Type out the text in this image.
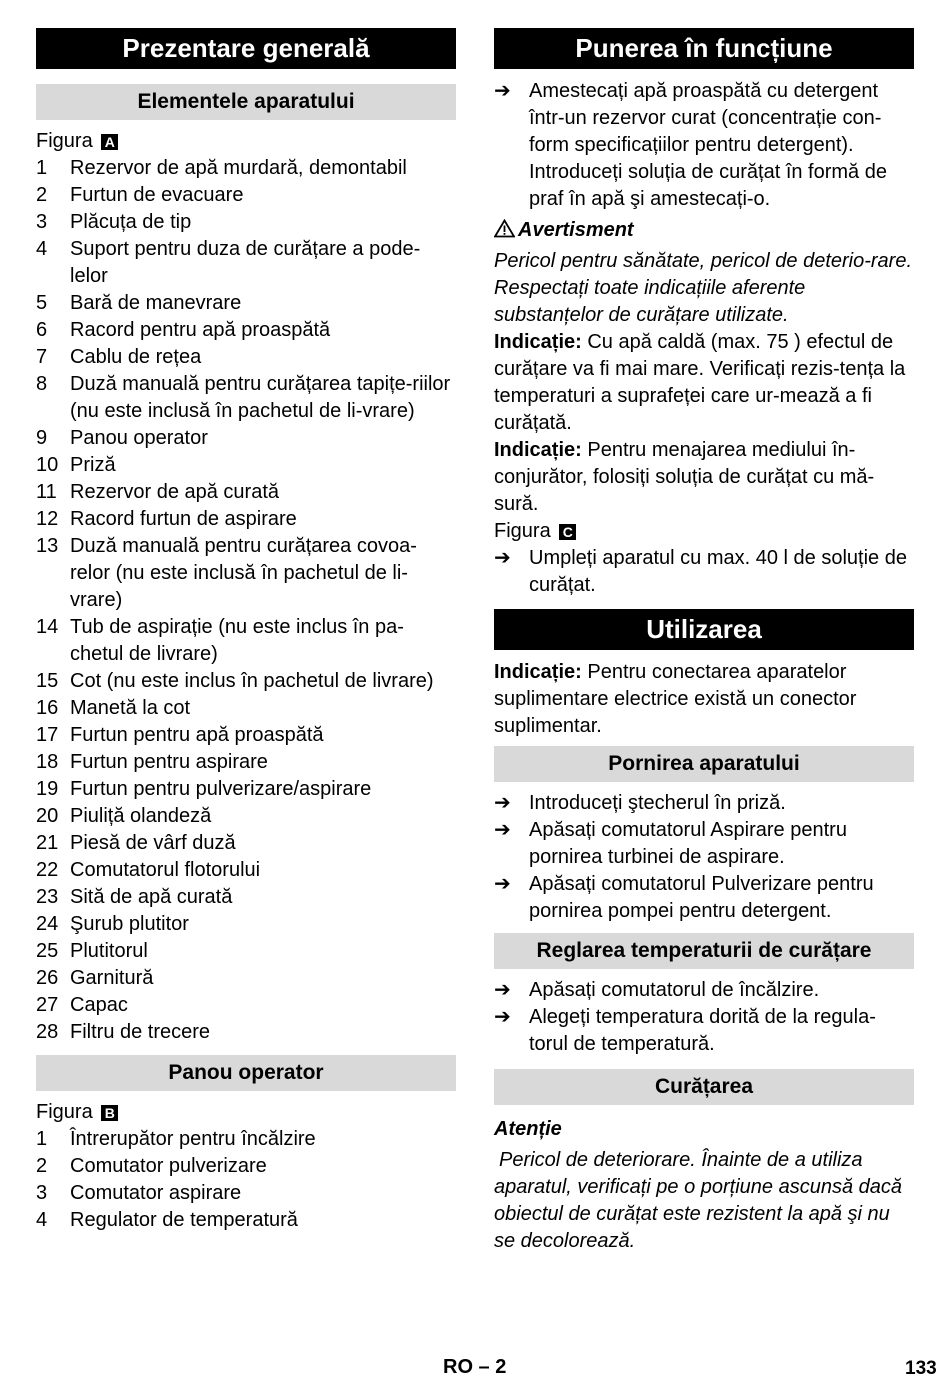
Prezentare generală
Elementele aparatului
Figura A
1	Rezervor de apă murdară, demontabil
2	Furtun de evacuare
3	Plăcuța de tip
4	Suport pentru duza de curățare a pode-lelor
5	Bară de manevrare
6	Racord pentru apă proaspătă
7	Cablu de rețea
8	Duză manuală pentru curățarea tapițe-riilor (nu este inclusă în pachetul de li-vrare)
9	Panou operator
10 Priză
11 Rezervor de apă curată
12 Racord furtun de aspirare
13 Duză manuală pentru curățarea covoa-relor (nu este inclusă în pachetul de li-vrare)
14 Tub de aspirație (nu este inclus în pa-chetul de livrare)
15 Cot (nu este inclus în pachetul de livrare)
16 Manetă la cot
17 Furtun pentru apă proaspătă
18 Furtun pentru aspirare
19 Furtun pentru pulverizare/aspirare
20 Piuliță olandeză
21 Piesă de vârf duză
22 Comutatorul flotorului
23 Sită de apă curată
24 Şurub plutitor
25 Plutitorul
26 Garnitură
27 Capac
28 Filtru de trecere
Panou operator
Figura B
1	Întrerupător pentru încălzire
2	Comutator pulverizare
3	Comutator aspirare
4	Regulator de temperatură
Punerea în funcțiune
➔ Amestecați apă proaspătă cu detergent într-un rezervor curat (concentrație con-form specificațiilor pentru detergent).
Introduceți soluția de curățat în formă de praf în apă şi amestecați-o.
Avertisment
Pericol pentru sănătate, pericol de deterio-rare. Respectați toate indicațiile aferente substanțelor de curățare utilizate.
Indicație: Cu apă caldă (max. 75 ) efectul de curățare va fi mai mare. Verificați rezis-tența la temperaturi a suprafeței care ur-mează a fi curățată.
Indicație: Pentru menajarea mediului în-conjurător, folosiți soluția de curățat cu mă-sură.
Figura C
➔ Umpleți aparatul cu max. 40 l de soluție de curățat.
Utilizarea
Indicație: Pentru conectarea aparatelor suplimentare electrice există un conector suplimentar.
Pornirea aparatului
➔ Introduceți ştecherul în priză.
➔ Apăsați comutatorul Aspirare pentru pornirea turbinei de aspirare.
➔ Apăsați comutatorul Pulverizare pentru pornirea pompei pentru detergent.
Reglarea temperaturii de curățare
➔ Apăsați comutatorul de încălzire.
➔ Alegeți temperatura dorită de la regula-torul de temperatură.
Curățarea
Atenție
Pericol de deteriorare. Înainte de a utiliza aparatul, verificați pe o porțiune ascunsă dacă obiectul de curățat este rezistent la apă şi nu se decolorează.
RO – 2	133
